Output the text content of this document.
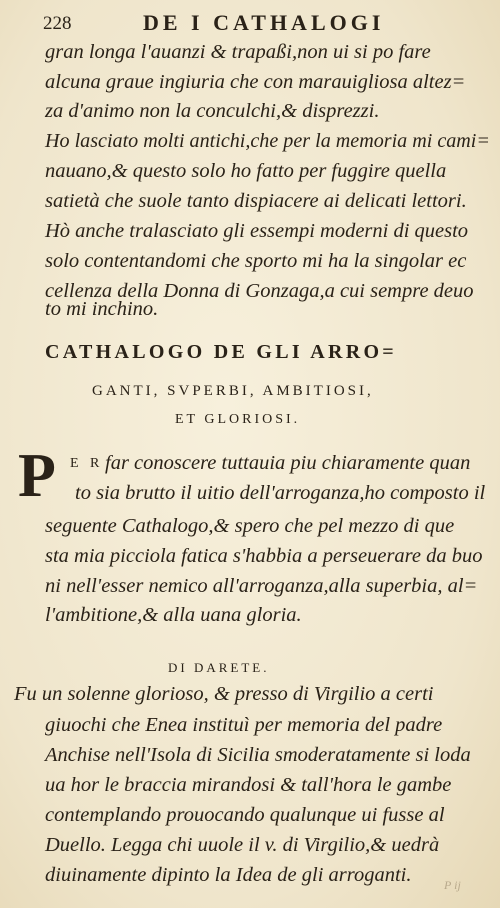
228	DE I CATHALOGI
gran longa l'auanzi & trapaßi,non ui si po fare
alcuna graue ingiuria che con marauigliosa altez=
za d'animo non la conculchi,& disprezzi.
Ho lasciato molti antichi,che per la memoria mi cami=
nauano,& questo solo ho fatto per fuggire quella
satietà che suole tanto dispiacere ai delicati lettori.
Hò anche tralasciato gli essempi moderni di questo
solo contentandomi che sporto mi ha la singolar ec
cellenza della Donna di Gonzaga,a cui sempre deuo
to mi inchino.
CATHALOGO DE GLI ARRO=
GANTI, SVPERBI, AMBITIOSI,
ET GLORIOSI.
P E R far conoscere tuttauia piu chiaramente quan
to sia brutto il uitio dell'arroganza,ho composto il
seguente Cathalogo,& spero che pel mezzo di que
sta mia picciola fatica s'habbia a perseuerare da buo
ni nell'esser nemico all'arroganza,alla superbia, al=
l'ambitione,& alla uana gloria.
DI DARETE.
Fu un solenne glorioso, & presso di Virgilio a certi
giuochi che Enea instituì per memoria del padre
Anchise nell'Isola di Sicilia smoderatamente si loda
ua hor le braccia mirandosi & tall'hora le gambe
contemplando prouocando qualunque ui fusse al
Duello. Legga chi uuole il v. di Virgilio,& uedrà
diuinamente dipinto la Idea de gli arroganti.	P ij
